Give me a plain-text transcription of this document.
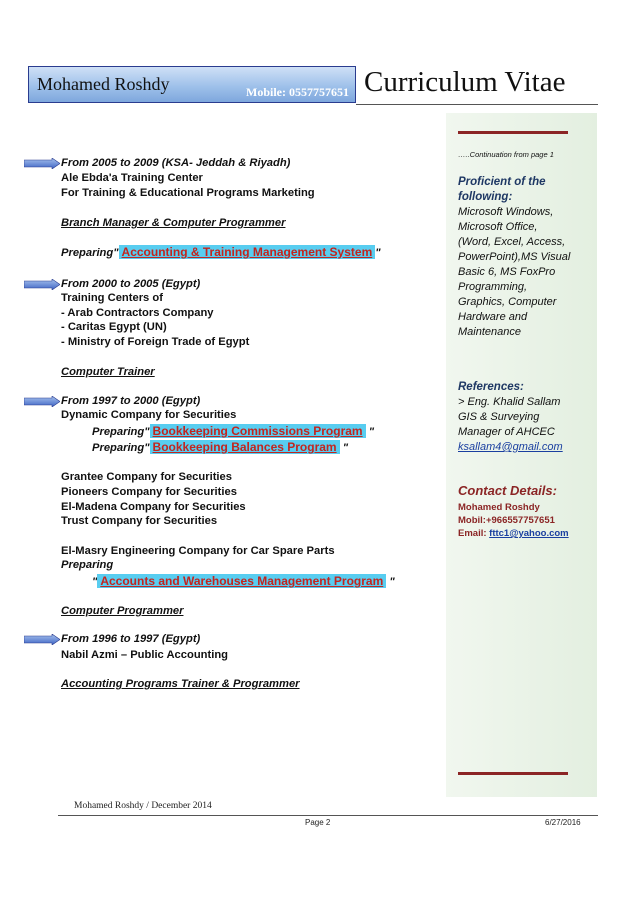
Mohamed Roshdy	Mobile: 0557757651 Curriculum Vitae
From 2005 to 2009 (KSA- Jeddah & Riyadh)
Ale Ebda'a Training Center
For Training & Educational Programs Marketing
Branch Manager & Computer Programmer
Preparing" Accounting & Training Management System "
From 2000 to 2005 (Egypt)
Training Centers of
- Arab Contractors Company
- Caritas Egypt (UN)
- Ministry of Foreign Trade of Egypt
Computer Trainer
From 1997 to 2000 (Egypt)
Dynamic Company for Securities
Preparing" Bookkeeping Commissions Program "
Preparing" Bookkeeping Balances Program "
Grantee Company for Securities
Pioneers Company for Securities
El-Madena Company for Securities
Trust Company for Securities
El-Masry Engineering Company for Car Spare Parts
Preparing
" Accounts and Warehouses Management Program "
Computer Programmer
From 1996 to 1997 (Egypt)
Nabil Azmi – Public Accounting
Accounting Programs Trainer & Programmer
…..Continuation from page 1
Proficient of the
following:
Microsoft Windows,
Microsoft Office,
(Word, Excel, Access,
PowerPoint),MS Visual
Basic 6, MS FoxPro
Programming,
Graphics, Computer
Hardware and
Maintenance
References:
> Eng. Khalid Sallam
GIS & Surveying
Manager of AHCEC
ksallam4@gmail.com
Contact Details:
Mohamed Roshdy
Mobil:+966557757651
Email: fttc1@yahoo.com
Mohamed Roshdy / December 2014
Page 2	6/27/2016
